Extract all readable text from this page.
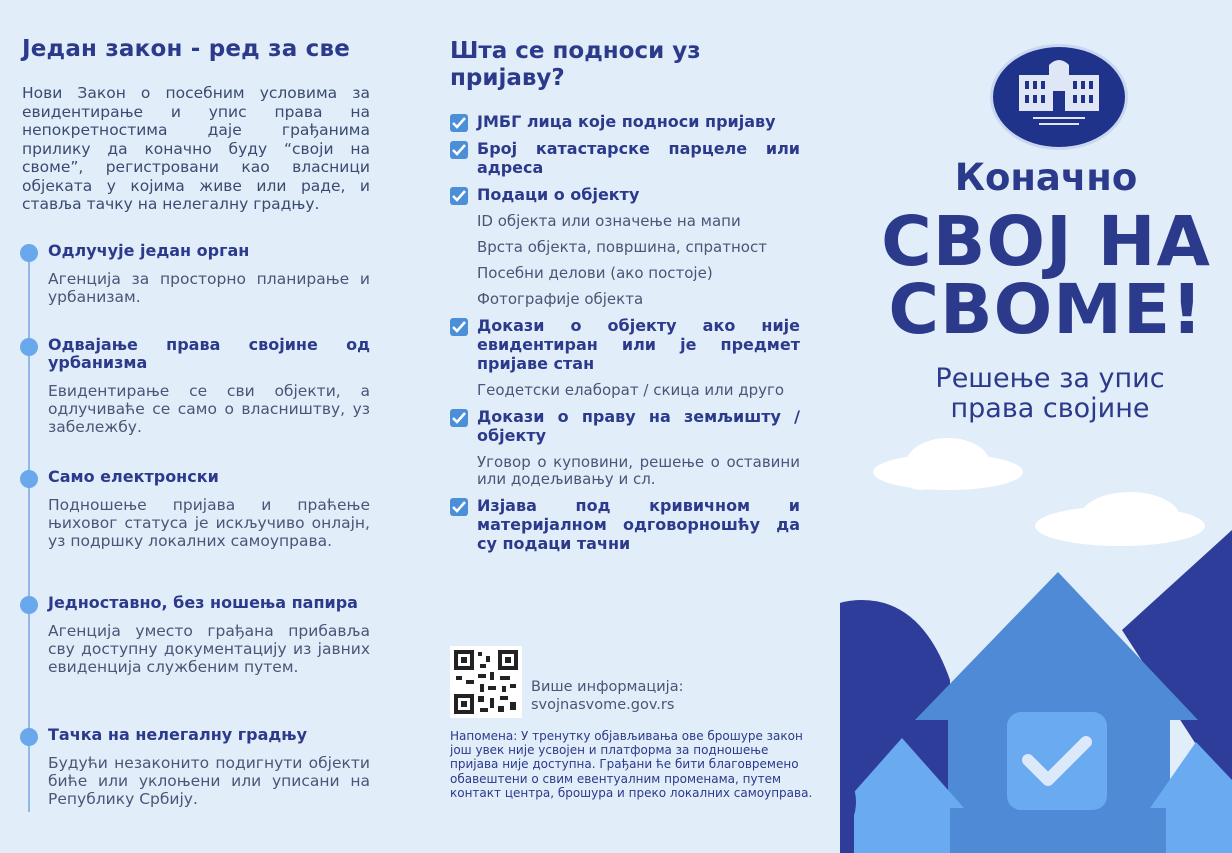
Један закон - ред за све

Нови Закон о посебним условима за евидентирање и упис права на непокретностима даје грађанима прилику да коначно буду “своји на своме”, регистровани као власници објеката у којима живе или раде, и ставља тачку на нелегалну градњу.

Одлучује један орган
Агенција за просторно планирање и урбанизам.
Одвајање права својине од урбанизма
Евидентирање се сви објекти, а одлучиваће се само о власништву, уз забележбу.
Само електронски
Подношење пријава и праћење њиховог статуса је искључиво онлајн, уз подршку локалних самоуправа.
Једноставно, без ношења папира
Агенција уместо грађана прибавља сву доступну документацију из јавних евиденција службеним путем.
Тачка на нелегалну градњу
Будући незаконито подигнути објекти биће или уклоњени или уписани на Републику Србију.
Шта се подноси уз пријаву?
ЈМБГ лица које подноси пријаву
Број катастарске парцеле или адреса
Подаци о објекту
ID објекта или означење на мапи
Врста објекта, површина, спратност
Посебни делови (ако постоје)
Фотографије објекта
Докази о објекту ако није евидентиран или је предмет пријаве стан
Геодетски елаборат / скица или друго
Докази о праву на земљишту / објекту
Уговор о куповини, решење о оставини или додељивању и сл.
Изјава под кривичном и материјалном одговорношћу да су подаци тачни
Више информација:
svojnasvome.gov.rs
Напомена: У тренутку објављивања ове брошуре закон још увек није усвојен и платформа за подношење пријава није доступна. Грађани ће бити благовремено обавештени о свим евентуалним променама, путем контакт центра, брошура и преко локалних самоуправа.
Коначно
СВОЈ НА
СВОМЕ!
Решење за упис
права својине
